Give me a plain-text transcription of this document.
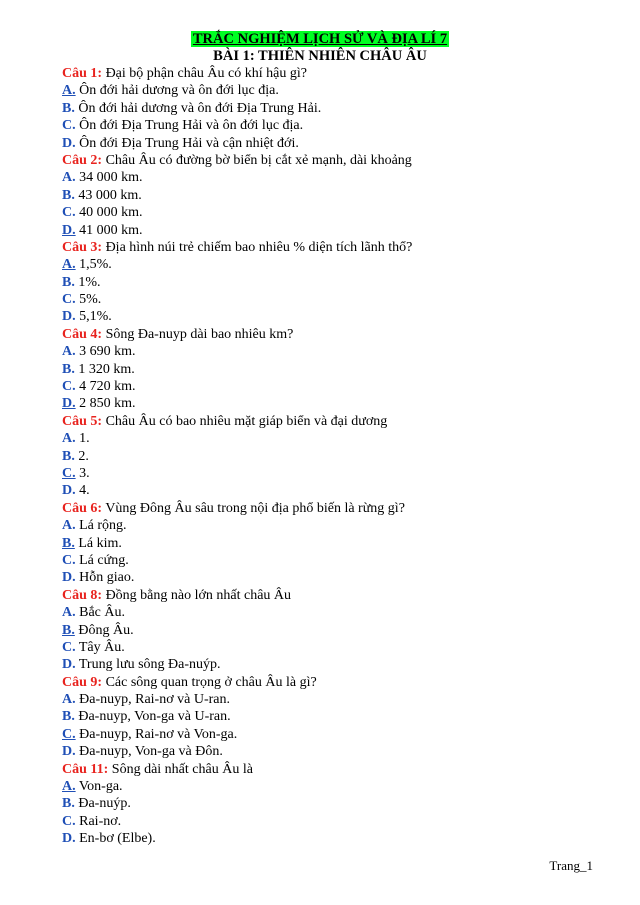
TRẮC NGHIỆM LỊCH SỬ VÀ ĐỊA LÍ 7
BÀI 1: THIÊN NHIÊN CHÂU ÂU
Câu 1: Đại bộ phận châu Âu có khí hậu gì?
A. Ôn đới hải dương và ôn đới lục địa.
B. Ôn đới hải dương và ôn đới Địa Trung Hải.
C. Ôn đới Địa Trung Hải và ôn đới lục địa.
D. Ôn đới Địa Trung Hải và cận nhiệt đới.
Câu 2: Châu Âu có đường bờ biển bị cắt xẻ mạnh, dài khoảng
A. 34 000 km.
B. 43 000 km.
C. 40 000 km.
D. 41 000 km.
Câu 3: Địa hình núi trẻ chiếm bao nhiêu % diện tích lãnh thổ?
A. 1,5%.
B. 1%.
C. 5%.
D. 5,1%.
Câu 4: Sông Đa-nuyp dài bao nhiêu km?
A. 3 690 km.
B. 1 320 km.
C. 4 720 km.
D. 2 850 km.
Câu 5: Châu Âu có bao nhiêu mặt giáp biển và đại dương
A. 1.
B. 2.
C. 3.
D. 4.
Câu 6: Vùng Đông Âu sâu trong nội địa phổ biến là rừng gì?
A. Lá rộng.
B. Lá kim.
C. Lá cứng.
D. Hỗn giao.
Câu 8: Đồng bằng nào lớn nhất châu Âu
A. Bắc Âu.
B. Đông Âu.
C. Tây Âu.
D. Trung lưu sông Đa-nuýp.
Câu 9: Các sông quan trọng ở châu Âu là gì?
A. Đa-nuyp, Rai-nơ và U-ran.
B. Đa-nuyp, Von-ga và U-ran.
C. Đa-nuyp, Rai-nơ và Von-ga.
D. Đa-nuyp, Von-ga và Đôn.
Câu 11: Sông dài nhất châu Âu là
A. Von-ga.
B. Đa-nuýp.
C. Rai-nơ.
D. En-bơ (Elbe).
Trang_1
